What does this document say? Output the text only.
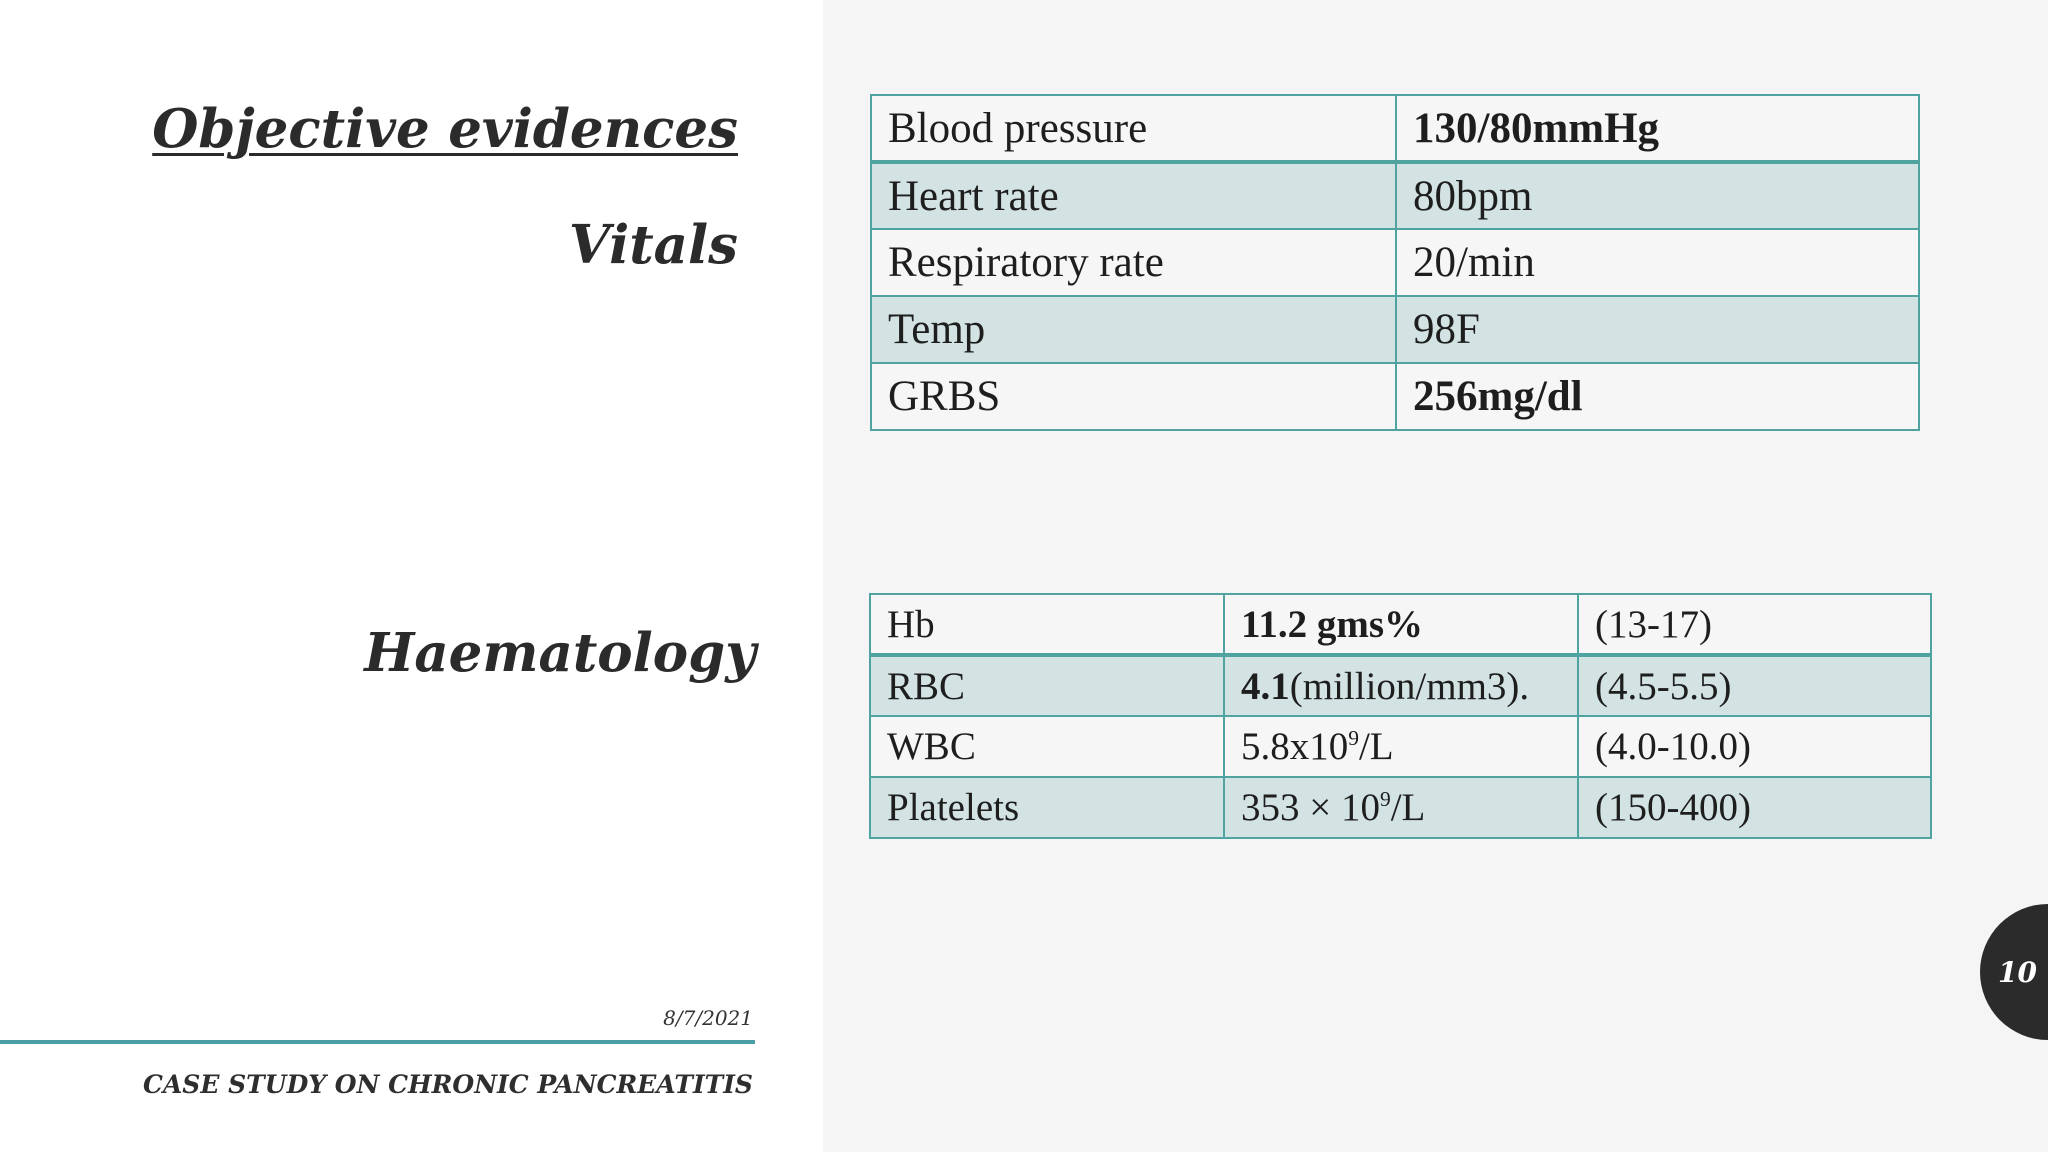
Objective evidences
Vitals
Haematology
Blood pressure	130/80mmHg
Heart rate	80bpm
Respiratory rate	20/min
Temp	98F
GRBS	256mg/dl
Hb	11.2 gms%	(13-17)
RBC	4.1(million/mm3).	(4.5-5.5)
WBC	$5.8x10^9/L$	(4.0-10.0)
Platelets	$353 \times 10^9/L$	(150-400)
8/7/2021
CASE STUDY ON CHRONIC PANCREATITIS
10
